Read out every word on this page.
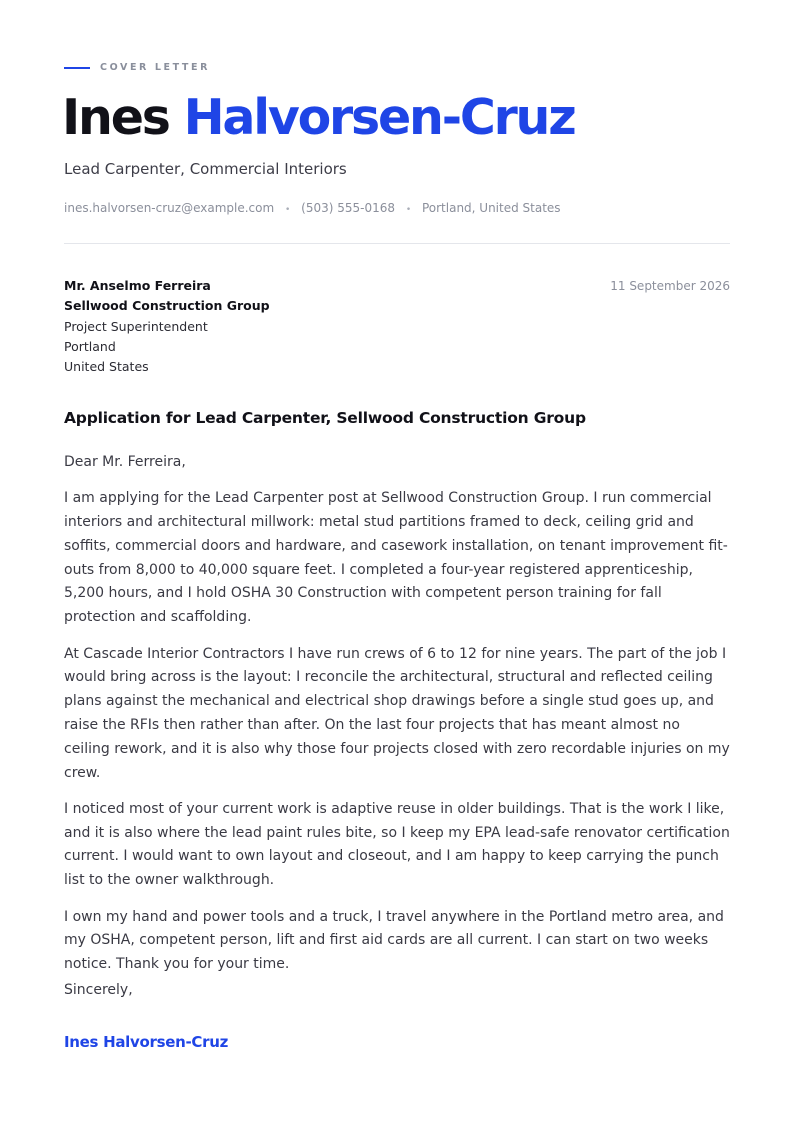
COVER LETTER
Ines Halvorsen-Cruz
Lead Carpenter, Commercial Interiors
ines.halvorsen-cruz@example.com • (503) 555-0168 • Portland, United States
Mr. Anselmo Ferreira
Sellwood Construction Group
Project Superintendent
Portland
United States
11 September 2026
Application for Lead Carpenter, Sellwood Construction Group

Dear Mr. Ferreira,

I am applying for the Lead Carpenter post at Sellwood Construction Group. I run commercial interiors and architectural millwork: metal stud partitions framed to deck, ceiling grid and soffits, commercial doors and hardware, and casework installation, on tenant improvement fit-outs from 8,000 to 40,000 square feet. I completed a four-year registered apprenticeship, 5,200 hours, and I hold OSHA 30 Construction with competent person training for fall protection and scaffolding.

At Cascade Interior Contractors I have run crews of 6 to 12 for nine years. The part of the job I would bring across is the layout: I reconcile the architectural, structural and reflected ceiling plans against the mechanical and electrical shop drawings before a single stud goes up, and raise the RFIs then rather than after. On the last four projects that has meant almost no ceiling rework, and it is also why those four projects closed with zero recordable injuries on my crew.

I noticed most of your current work is adaptive reuse in older buildings. That is the work I like, and it is also where the lead paint rules bite, so I keep my EPA lead-safe renovator certification current. I would want to own layout and closeout, and I am happy to keep carrying the punch list to the owner walkthrough.

I own my hand and power tools and a truck, I travel anywhere in the Portland metro area, and my OSHA, competent person, lift and first aid cards are all current. I can start on two weeks notice. Thank you for your time.

Sincerely,
Ines Halvorsen-Cruz
